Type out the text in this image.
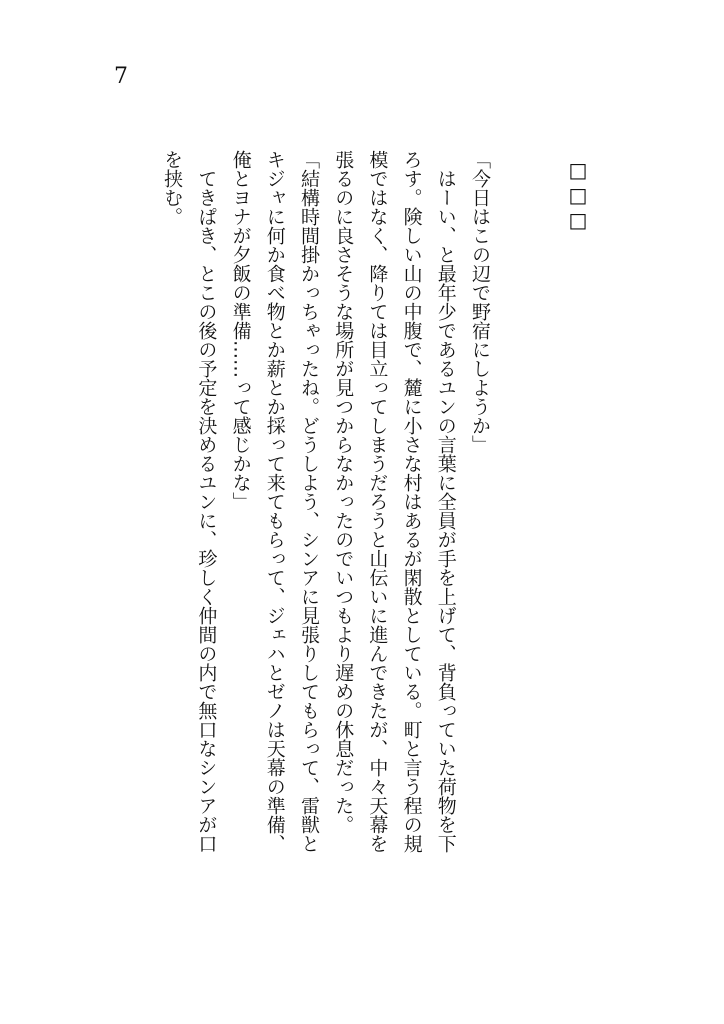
7
□□□

「今日はこの辺で野宿にしようか」

はーい、と最年少であるユンの言葉に全員が手を上げて、背負っていた荷物を下ろす。険しい山の中腹で、麓に小さな村はあるが閑散としている。町と言う程の規模ではなく、降りては目立ってしまうだろうと山伝いに進んできたが、中々天幕を張るのに良さそうな場所が見つからなかったのでいつもより遅めの休息だった。

「結構時間掛かっちゃったね。どうしよう、シンアに見張りしてもらって、雷獣とキジャに何か食べ物とか薪とか採って来てもらって、ジェハとゼノは天幕の準備、俺とヨナが夕飯の準備……って感じかな」

てきぱき、とこの後の予定を決めるユンに、珍しく仲間の内で無口なシンアが口を挟む。
